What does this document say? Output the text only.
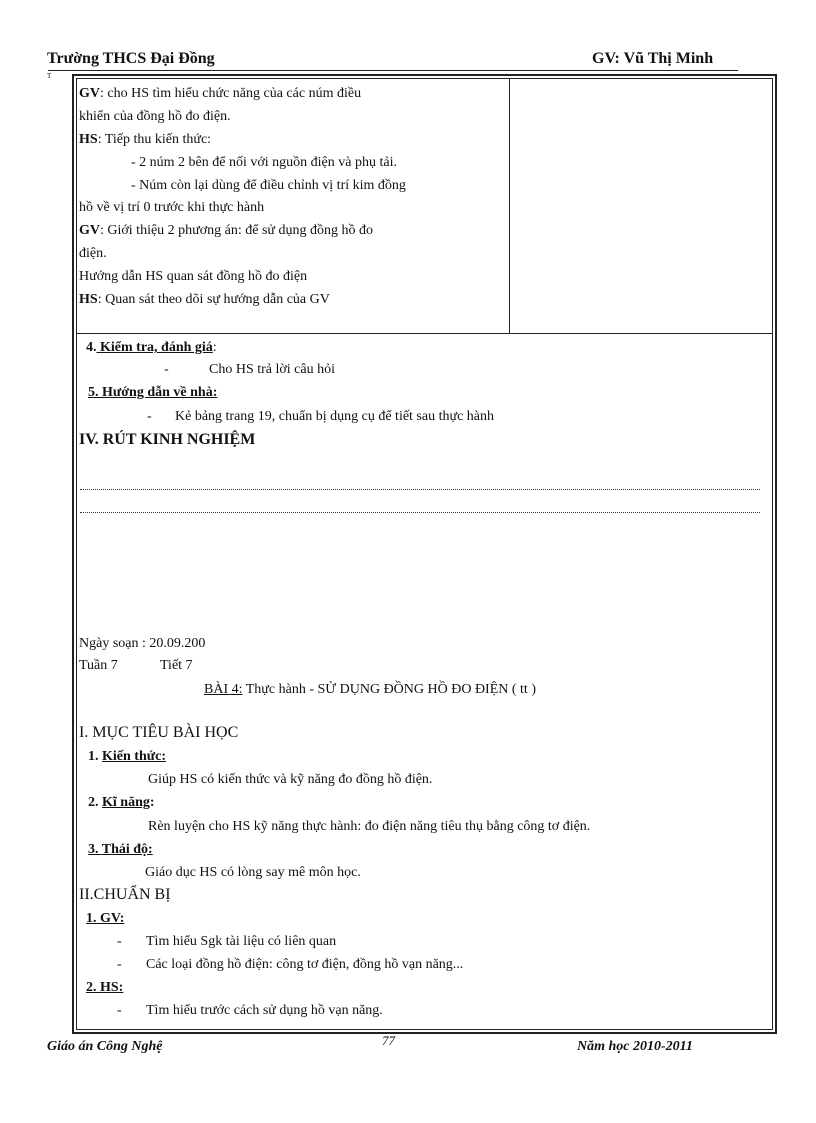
Trường THCS Đại Đồng	GV: Vũ Thị Minh
T
GV: cho HS tìm hiểu chức năng của các núm điều
khiển của đồng hồ đo điện.
HS: Tiếp thu kiến thức:
- 2 núm 2 bên để nối với nguồn điện và phụ tải.
- Núm còn lại dùng để điều chỉnh vị trí kim đồng
hồ về vị trí 0 trước khi thực hành
GV: Giới thiệu 2 phương án: để sử dụng đồng hồ đo
điện.
Hướng dẫn HS quan sát đồng hồ đo điện
HS: Quan sát theo dõi sự hướng dẫn của GV
4. Kiểm tra, đánh giá:
-	Cho HS trả lời câu hỏi
5. Hướng dẫn về nhà:
- Kẻ bảng trang 19, chuẩn bị dụng cụ để tiết sau thực hành
IV. RÚT KINH NGHIỆM
Ngày soạn : 20.09.200
Tuần 7	Tiết 7
BÀI 4: Thực hành - SỬ DỤNG ĐỒNG HỒ ĐO ĐIỆN ( tt )
I. MỤC TIÊU BÀI HỌC
1. Kiến thức:
Giúp HS có kiến thức và kỹ năng đo đồng hồ điện.
2. Kĩ năng:
Rèn luyện cho HS kỹ năng thực hành: đo điện năng tiêu thụ bằng công tơ điện.
3. Thái độ:
Giáo dục HS có lòng say mê môn học.
II.CHUẨN BỊ
1. GV:
- Tìm hiểu Sgk tài liệu có liên quan
- Các loại đồng hồ điện: công tơ điện, đồng hồ vạn năng...
2. HS:
- Tìm hiểu trước cách sử dụng hồ vạn năng.
Giáo án Công Nghệ	77	Năm học 2010-2011
